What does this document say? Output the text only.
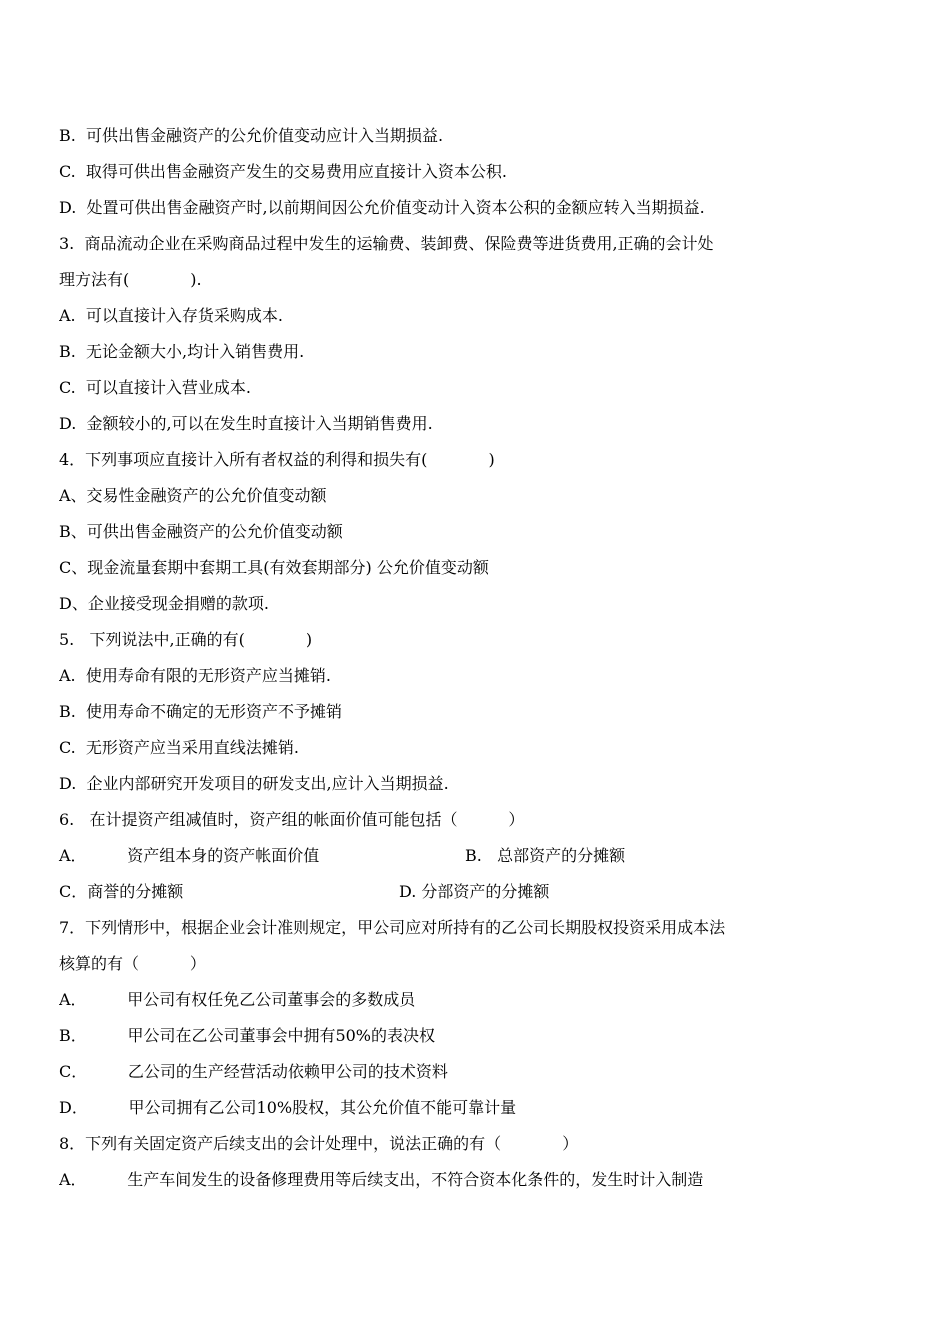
B.  可供出售金融资产的公允价值变动应计入当期损益.
C.  取得可供出售金融资产发生的交易费用应直接计入资本公积.
D.  处置可供出售金融资产时,以前期间因公允价值变动计入资本公积的金额应转入当期损益.
3.  商品流动企业在采购商品过程中发生的运输费、装卸费、保险费等进货费用,正确的会计处
理方法有(            ).
A.  可以直接计入存货采购成本.
B.  无论金额大小,均计入销售费用.
C.  可以直接计入营业成本.
D.  金额较小的,可以在发生时直接计入当期销售费用.
4．下列事项应直接计入所有者权益的利得和损失有(            )
A、交易性金融资产的公允价值变动额
B、可供出售金融资产的公允价值变动额
C、现金流量套期中套期工具(有效套期部分) 公允价值变动额
D、企业接受现金捐赠的款项.
5.   下列说法中,正确的有(            )
A.  使用寿命有限的无形资产应当摊销.
B.  使用寿命不确定的无形资产不予摊销
C.  无形资产应当采用直线法摊销.
D.  企业内部研究开发项目的研发支出,应计入当期损益.
6.   在计提资产组减值时，资产组的帐面价值可能包括（          ）
A．        资产组本身的资产帐面价值	B.   总部资产的分摊额
C．商誉的分摊额	D. 分部资产的分摊额
7．下列情形中，根据企业会计准则规定，甲公司应对所持有的乙公司长期股权投资采用成本法
核算的有（          ）
A．        甲公司有权任免乙公司董事会的多数成员
B．        甲公司在乙公司董事会中拥有50%的表决权
C．        乙公司的生产经营活动依赖甲公司的技术资料
D．        甲公司拥有乙公司10%股权，其公允价值不能可靠计量
8．下列有关固定资产后续支出的会计处理中，说法正确的有（            ）
A．        生产车间发生的设备修理费用等后续支出，不符合资本化条件的，发生时计入制造
